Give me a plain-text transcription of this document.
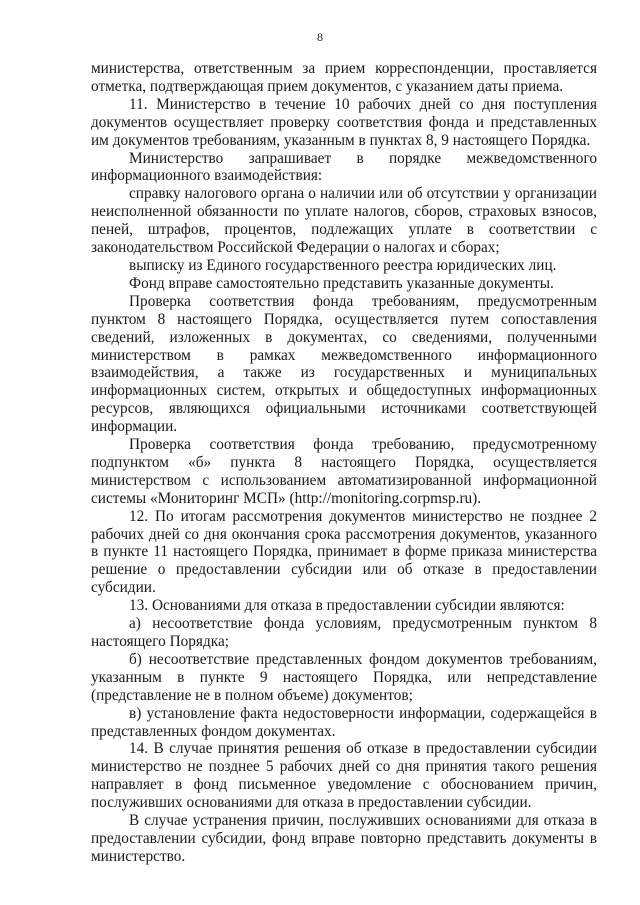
8

министерства, ответственным за прием корреспонденции, проставляется отметка, подтверждающая прием документов, с указанием даты приема.

11. Министерство в течение 10 рабочих дней со дня поступления документов осуществляет проверку соответствия фонда и представленных им документов требованиям, указанным в пунктах 8, 9 настоящего Порядка.

Министерство запрашивает в порядке межведомственного информационного взаимодействия:

справку налогового органа о наличии или об отсутствии у организации неисполненной обязанности по уплате налогов, сборов, страховых взносов, пеней, штрафов, процентов, подлежащих уплате в соответствии с законодательством Российской Федерации о налогах и сборах;

выписку из Единого государственного реестра юридических лиц.

Фонд вправе самостоятельно представить указанные документы.

Проверка соответствия фонда требованиям, предусмотренным пунктом 8 настоящего Порядка, осуществляется путем сопоставления сведений, изложенных в документах, со сведениями, полученными министерством в рамках межведомственного информационного взаимодействия, а также из государственных и муниципальных информационных систем, открытых и общедоступных информационных ресурсов, являющихся официальными источниками соответствующей информации.

Проверка соответствия фонда требованию, предусмотренному подпунктом «б» пункта 8 настоящего Порядка, осуществляется министерством с использованием автоматизированной информационной системы «Мониторинг МСП» (http://monitoring.corpmsp.ru).

12. По итогам рассмотрения документов министерство не позднее 2 рабочих дней со дня окончания срока рассмотрения документов, указанного в пункте 11 настоящего Порядка, принимает в форме приказа министерства решение о предоставлении субсидии или об отказе в предоставлении субсидии.

13. Основаниями для отказа в предоставлении субсидии являются:

а) несоответствие фонда условиям, предусмотренным пунктом 8 настоящего Порядка;

б) несоответствие представленных фондом документов требованиям, указанным в пункте 9 настоящего Порядка, или непредставление (представление не в полном объеме) документов;

в) установление факта недостоверности информации, содержащейся в представленных фондом документах.

14. В случае принятия решения об отказе в предоставлении субсидии министерство не позднее 5 рабочих дней со дня принятия такого решения направляет в фонд письменное уведомление с обоснованием причин, послуживших основаниями для отказа в предоставлении субсидии.

В случае устранения причин, послуживших основаниями для отказа в предоставлении субсидии, фонд вправе повторно представить документы в министерство.
